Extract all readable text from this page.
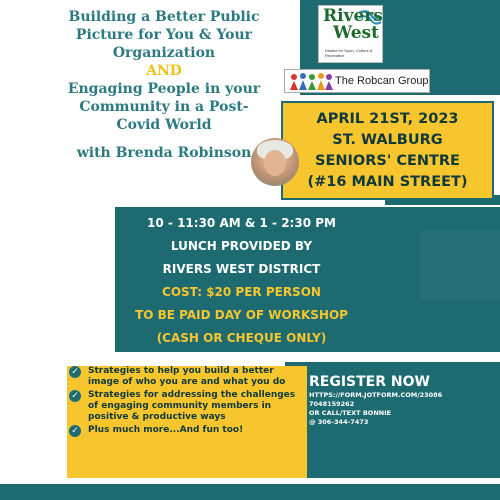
Building a Better Public
Picture for You & Your
Organization
AND
Engaging People in your
Community in a Post-
Covid World
with Brenda Robinson
Rivers
West
District for Sport, Culture & Recreation
The Robcan Group
APRIL 21ST, 2023
ST. WALBURG
SENIORS' CENTRE
(#16 MAIN STREET)
10 - 11:30 AM & 1 - 2:30 PM
LUNCH PROVIDED BY
RIVERS WEST DISTRICT
COST: $20 PER PERSON
TO BE PAID DAY OF WORKSHOP
(CASH OR CHEQUE ONLY)
✓ Strategies to help you build a better image of who you are and what you do
✓ Strategies for addressing the challenges of engaging community members in positive & productive ways
✓ Plus much more...And fun too!
REGISTER NOW
HTTPS://FORM.JOTFORM.COM/23086
7048159262
OR CALL/TEXT BONNIE
@ 306-344-7473
